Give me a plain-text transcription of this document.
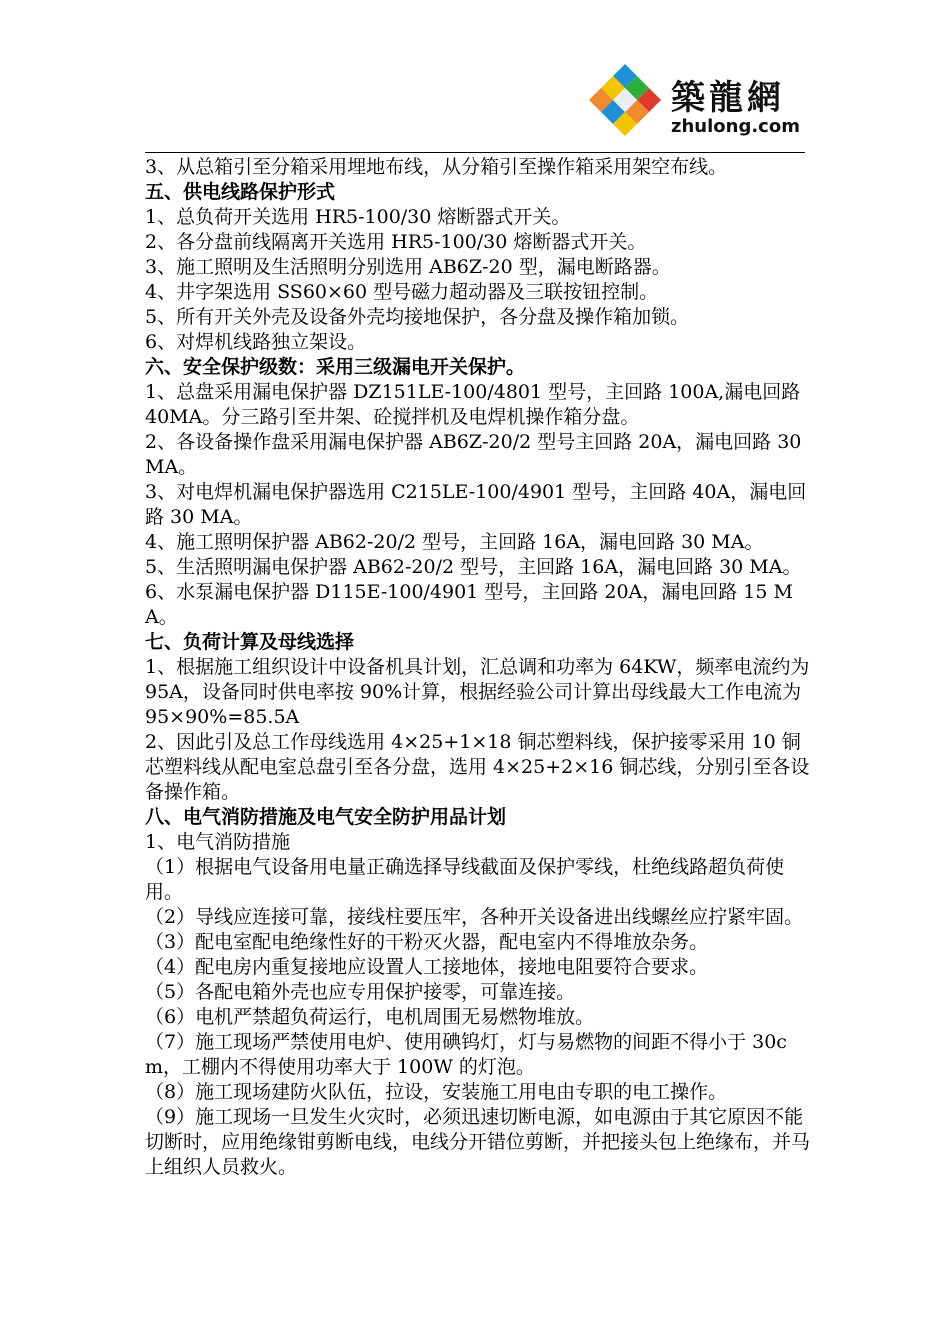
築龍網
zhulong.com

3、从总箱引至分箱采用埋地布线，从分箱引至操作箱采用架空布线。

五、供电线路保护形式

1、总负荷开关选用 HR5-100/30 熔断器式开关。

2、各分盘前线隔离开关选用 HR5-100/30 熔断器式开关。

3、施工照明及生活照明分别选用 AB6Z-20 型，漏电断路器。

4、井字架选用 SS60×60 型号磁力超动器及三联按钮控制。

5、所有开关外壳及设备外壳均接地保护，各分盘及操作箱加锁。

6、对焊机线路独立架设。

六、安全保护级数：采用三级漏电开关保护。

1、总盘采用漏电保护器 DZ151LE-100/4801 型号，主回路 100A,漏电回路 40MA。分三路引至井架、砼搅拌机及电焊机操作箱分盘。

2、各设备操作盘采用漏电保护器 AB6Z-20/2 型号主回路 20A，漏电回路 30 MA。

3、对电焊机漏电保护器选用 C215LE-100/4901 型号，主回路 40A，漏电回路 30 MA。

4、施工照明保护器 AB62-20/2 型号，主回路 16A，漏电回路 30 MA。

5、生活照明漏电保护器 AB62-20/2 型号，主回路 16A，漏电回路 30 MA。

6、水泵漏电保护器 D115E-100/4901 型号，主回路 20A，漏电回路 15 MA。

七、负荷计算及母线选择

1、根据施工组织设计中设备机具计划，汇总调和功率为 64KW，频率电流约为 95A，设备同时供电率按 90%计算，根据经验公司计算出母线最大工作电流为 95×90%=85.5A

2、因此引及总工作母线选用 4×25+1×18 铜芯塑料线，保护接零采用 10 铜芯塑料线从配电室总盘引至各分盘，选用 4×25+2×16 铜芯线，分别引至各设备操作箱。

八、电气消防措施及电气安全防护用品计划

1、电气消防措施

（1）根据电气设备用电量正确选择导线截面及保护零线，杜绝线路超负荷使用。

（2）导线应连接可靠，接线柱要压牢，各种开关设备进出线螺丝应拧紧牢固。

（3）配电室配电绝缘性好的干粉灭火器，配电室内不得堆放杂务。

（4）配电房内重复接地应设置人工接地体，接地电阻要符合要求。

（5）各配电箱外壳也应专用保护接零，可靠连接。

（6）电机严禁超负荷运行，电机周围无易燃物堆放。

（7）施工现场严禁使用电炉、使用碘钨灯，灯与易燃物的间距不得小于 30cm，工棚内不得使用功率大于 100W 的灯泡。

（8）施工现场建防火队伍，拉设，安装施工用电由专职的电工操作。

（9）施工现场一旦发生火灾时，必须迅速切断电源，如电源由于其它原因不能切断时，应用绝缘钳剪断电线，电线分开错位剪断，并把接头包上绝缘布，并马上组织人员救火。
